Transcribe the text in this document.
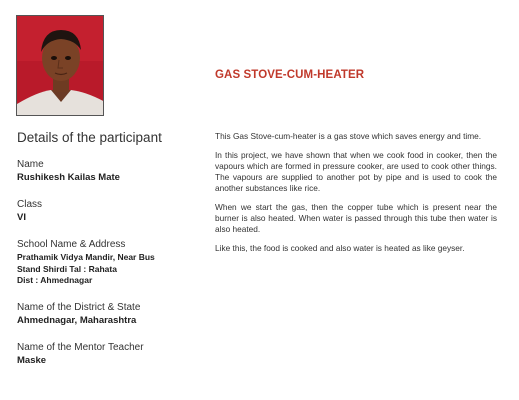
Details of the participant
Name
Rushikesh Kailas Mate
Class
VI
School Name & Address
Prathamik Vidya Mandir, Near Bus
Stand Shirdi Tal : Rahata
Dist : Ahmednagar
Name of the District & State
Ahmednagar, Maharashtra
Name of the Mentor Teacher
Maske
GAS STOVE-CUM-HEATER

This Gas Stove-cum-heater is a gas stove which saves energy and time.

In this project, we have shown that when we cook food in cooker, then the vapours which are formed in pressure cooker, are used to cook other things. The vapours are supplied to another pot by pipe and is used to cook the another substances like rice.

When we start the gas, then the copper tube which is present near the burner is also heated. When water is passed through this tube then water is also heated.

Like this, the food is cooked and also water is heated as like geyser.
